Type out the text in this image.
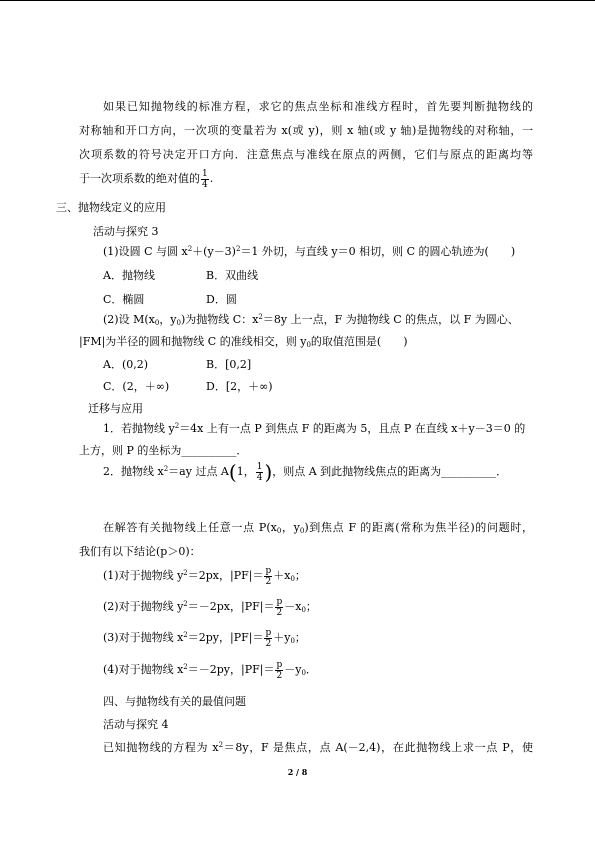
如果已知抛物线的标准方程，求它的焦点坐标和准线方程时，首先要判断抛物线的
对称轴和开口方向，一次项的变量若为 x(或 y)，则 x 轴(或 y 轴)是抛物线的对称轴，一
次项系数的符号决定开口方向．注意焦点与准线在原点的两侧，它们与原点的距离均等
于一次项系数的绝对值的 $\frac{1}{4}$ .
三、抛物线定义的应用
活动与探究 3
(1)设圆 C 与圆 $x^2+(y-3)^2=1$ 外切，与直线 y＝0 相切，则 C 的圆心轨迹为(　　)
A．抛物线	B．双曲线
C．椭圆	D．圆
(2)设 $M(x_0$，$y_0$)为抛物线 C：$x^2=8y$ 上一点，F 为抛物线 C 的焦点，以 F 为圆心、
|FM|为半径的圆和抛物线 C 的准线相交，则 $y_0$的取值范围是(　　)
A．(0,2)	B．[0,2]
C．(2，＋∞)	D．[2，＋∞)
迁移与应用
1．若抛物线 $y^2=4x$ 上有一点 P 到焦点 F 的距离为 5，且点 P 在直线 x＋y－3＝0 的
上方，则 P 的坐标为__________．
2．抛物线 $x^2=ay$ 过点 A(1， $\frac{1}{4}$ )，则点 A 到此抛物线焦点的距离为__________．
在解答有关抛物线上任意一点 $P(x_0$，$y_0$)到焦点 F 的距离(常称为焦半径)的问题时，
我们有以下结论(p＞0)：
(1)对于抛物线 $y^2=2px$，$|PF|= \frac{p}{2} +x_0$；
(2)对于抛物线 $y^2=-2px$，$|PF|= \frac{p}{2} -x_0$；
(3)对于抛物线 $x^2=2py$，$|PF|= \frac{p}{2} +y_0$；
(4)对于抛物线 $x^2=-2py$，$|PF|= \frac{p}{2} -y_0$．
四、与抛物线有关的最值问题
活动与探究 4
已知抛物线的方程为 $x^2=8y$，F 是焦点，点 A(－2,4)，在此抛物线上求一点 P，使
2 / 8
